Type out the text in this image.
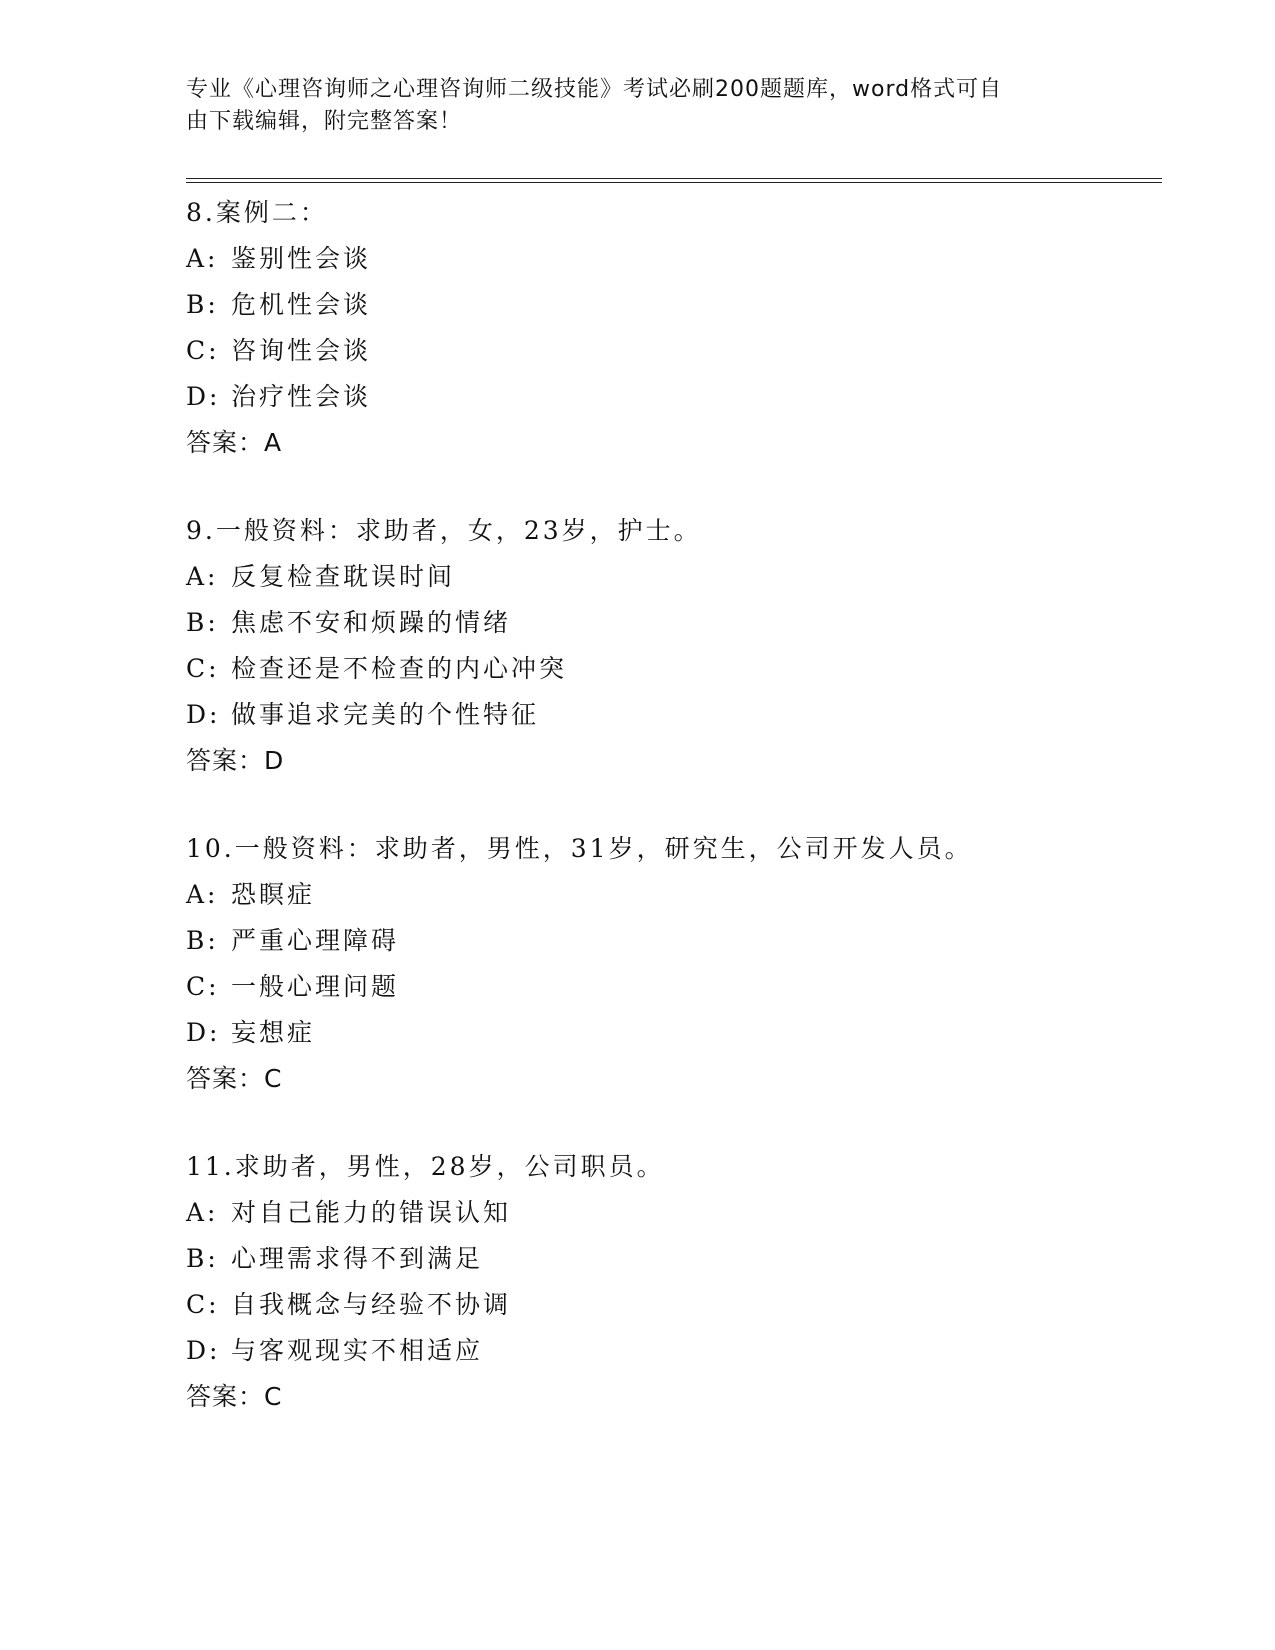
专业《心理咨询师之心理咨询师二级技能》考试必刷200题题库，word格式可自
由下载编辑，附完整答案！
8.案例二：
A: 鉴别性会谈
B: 危机性会谈
C: 咨询性会谈
D: 治疗性会谈
答案：A
9.一般资料：求助者，女，23岁，护士。
A: 反复检查耽误时间
B: 焦虑不安和烦躁的情绪
C: 检查还是不检查的内心冲突
D: 做事追求完美的个性特征
答案：D
10.一般资料：求助者，男性，31岁，研究生，公司开发人员。
A: 恐瞑症
B: 严重心理障碍
C: 一般心理问题
D: 妄想症
答案：C
11.求助者，男性，28岁，公司职员。
A: 对自己能力的错误认知
B: 心理需求得不到满足
C: 自我概念与经验不协调
D: 与客观现实不相适应
答案：C
